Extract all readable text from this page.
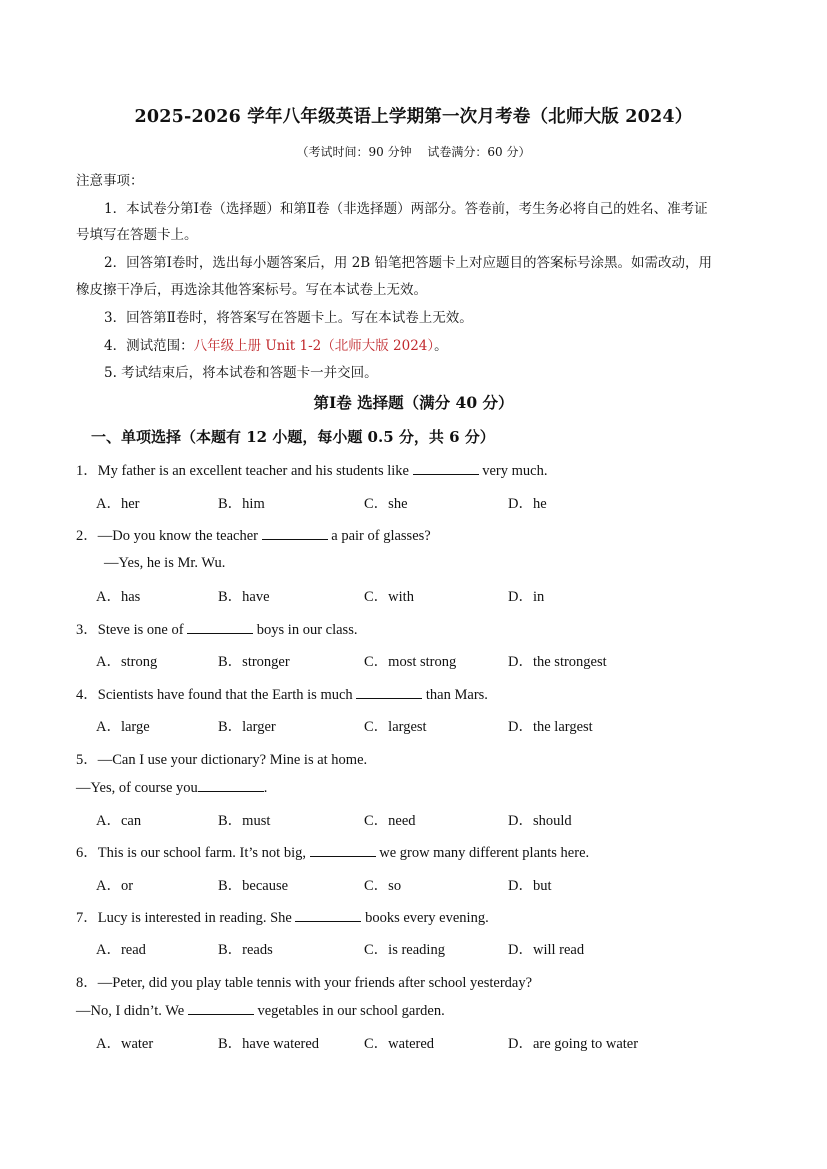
2025-2026 学年八年级英语上学期第一次月考卷（北师大版 2024）
（考试时间：90 分钟　 试卷满分：60 分）
注意事项：
1．本试卷分第Ⅰ卷（选择题）和第Ⅱ卷（非选择题）两部分。答卷前，考生务必将自己的姓名、准考证
号填写在答题卡上。
2．回答第Ⅰ卷时，选出每小题答案后，用 2B 铅笔把答题卡上对应题目的答案标号涂黑。如需改动，用
橡皮擦干净后，再选涂其他答案标号。写在本试卷上无效。
3．回答第Ⅱ卷时，将答案写在答题卡上。写在本试卷上无效。
4．测试范围：八年级上册 Unit 1-2（北师大版 2024）。
5. 考试结束后，将本试卷和答题卡一并交回。
第Ⅰ卷 选择题（满分 40 分）
一、单项选择（本题有 12 小题，每小题 0.5 分，共 6 分）
1．My father is an excellent teacher and his students like	very much.
A．her	B．him	C．she	D．he
2．—Do you know the teacher	a pair of glasses?
—Yes, he is Mr. Wu.
A．has	B．have	C．with	D．in
3．Steve is one of	boys in our class.
A．strong	B．stronger	C．most strong	D．the strongest
4．Scientists have found that the Earth is much	than Mars.
A．large	B．larger	C．largest	D．the largest
5．—Can I use your dictionary? Mine is at home.
—Yes, of course you	.
A．can	B．must	C．need	D．should
6．This is our school farm. It’s not big,	we grow many different plants here.
A．or	B．because	C．so	D．but
7．Lucy is interested in reading. She	books every evening.
A．read	B．reads	C．is reading	D．will read
8．—Peter, did you play table tennis with your friends after school yesterday?
—No, I didn’t. We	vegetables in our school garden.
A．water	B．have watered	C．watered	D．are going to water
